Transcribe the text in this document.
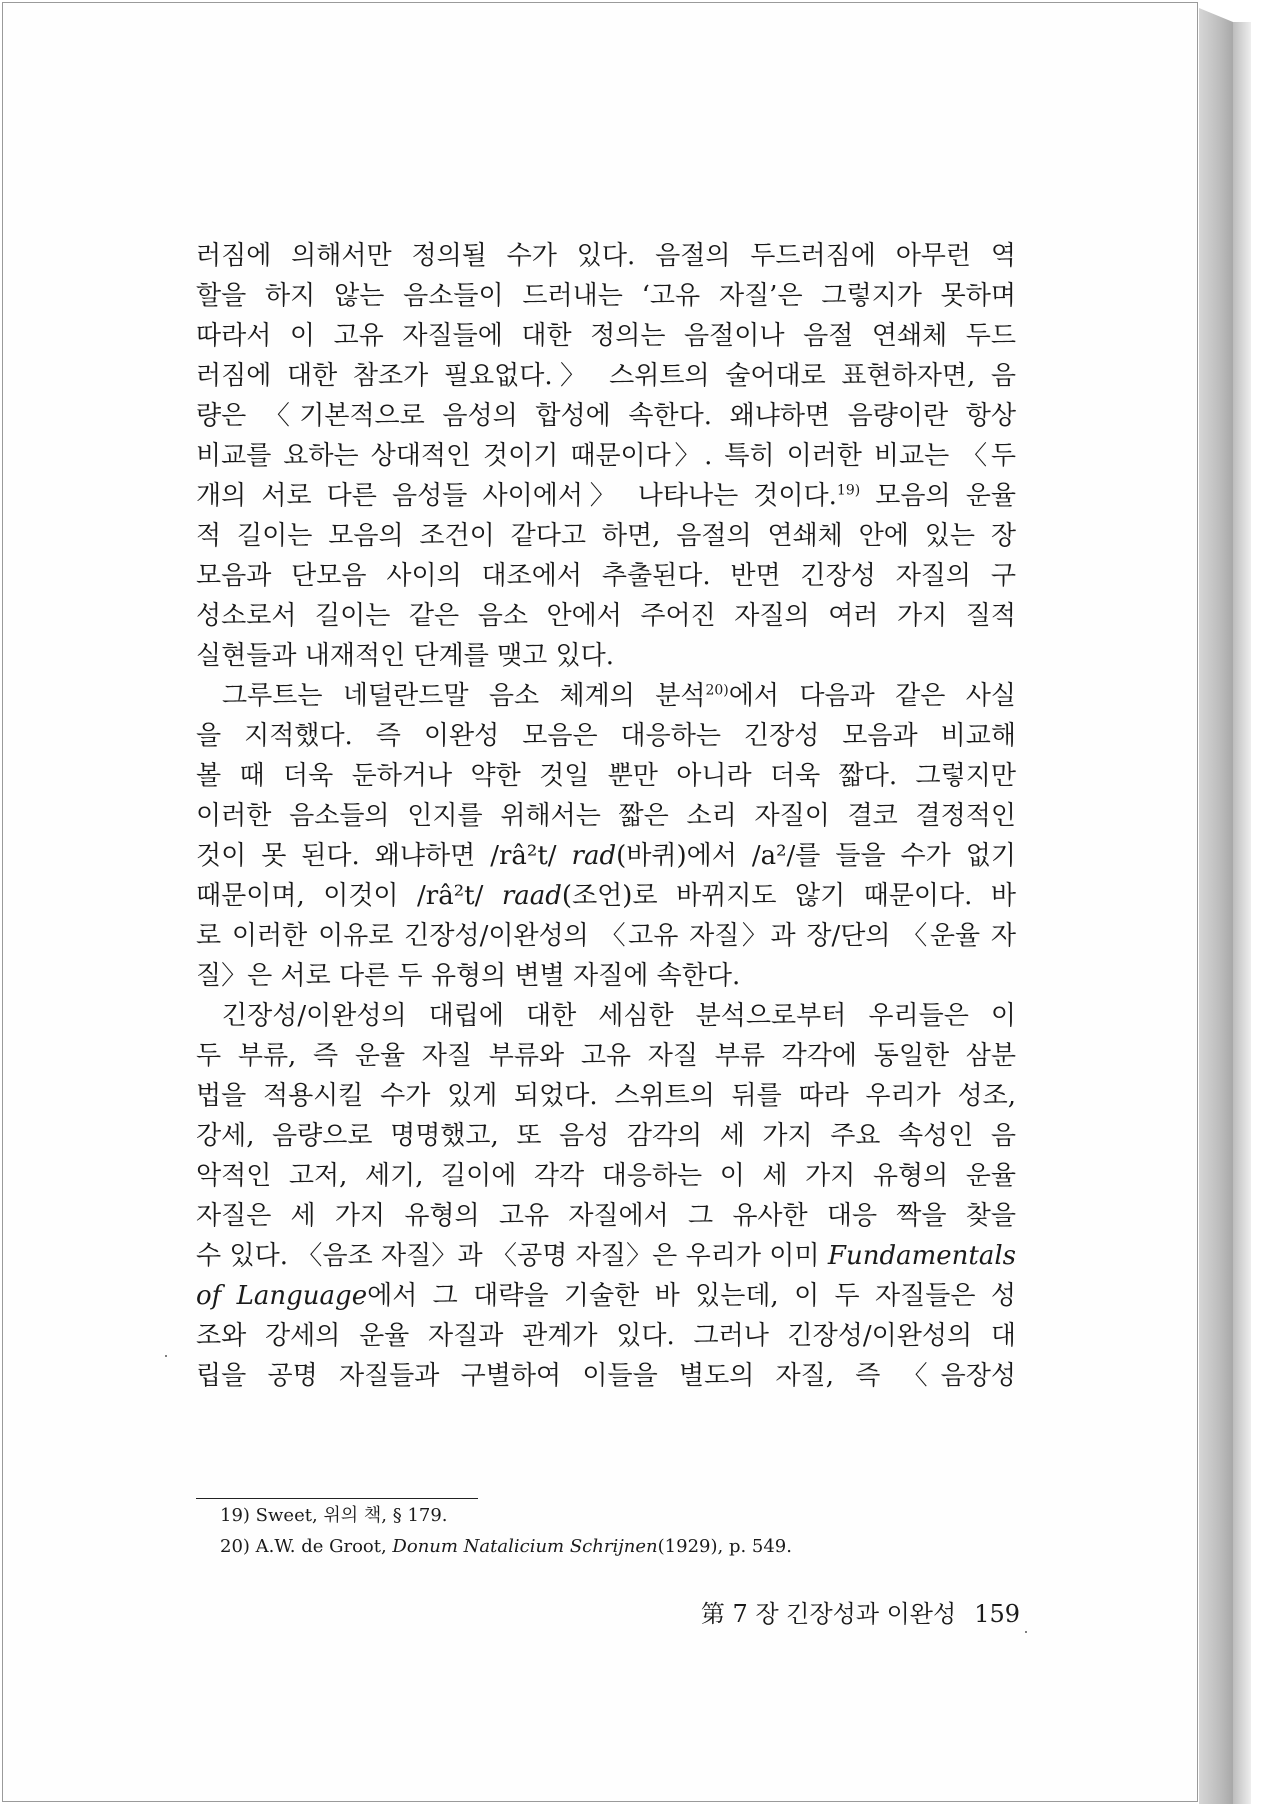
러짐에 의해서만 정의될 수가 있다. 음절의 두드러짐에 아무런 역
할을 하지 않는 음소들이 드러내는 ‘고유 자질’은 그렇지가 못하며
따라서 이 고유 자질들에 대한 정의는 음절이나 음절 연쇄체 두드
러짐에 대한 참조가 필요없다.〉 스위트의 술어대로 표현하자면, 음
량은 〈기본적으로 음성의 합성에 속한다. 왜냐하면 음량이란 항상
비교를 요하는 상대적인 것이기 때문이다〉. 특히 이러한 비교는 〈두
개의 서로 다른 음성들 사이에서〉 나타나는 것이다.$^{19)}$ 모음의 운율
적 길이는 모음의 조건이 같다고 하면, 음절의 연쇄체 안에 있는 장
모음과 단모음 사이의 대조에서 추출된다. 반면 긴장성 자질의 구
성소로서 길이는 같은 음소 안에서 주어진 자질의 여러 가지 질적
실현들과 내재적인 단계를 맺고 있다.
그루트는 네덜란드말 음소 체계의 분석$^{20)}$에서 다음과 같은 사실
을 지적했다. 즉 이완성 모음은 대응하는 긴장성 모음과 비교해
볼 때 더욱 둔하거나 약한 것일 뿐만 아니라 더욱 짧다. 그렇지만
이러한 음소들의 인지를 위해서는 짧은 소리 자질이 결코 결정적인
것이 못 된다. 왜냐하면 /râ²t/ rad(바퀴)에서 /a²/를 들을 수가 없기
때문이며, 이것이 /râ²t/ raad(조언)로 바뀌지도 않기 때문이다. 바
로 이러한 이유로 긴장성/이완성의 〈고유 자질〉과 장/단의 〈운율 자
질〉은 서로 다른 두 유형의 변별 자질에 속한다.
긴장성/이완성의 대립에 대한 세심한 분석으로부터 우리들은 이
두 부류, 즉 운율 자질 부류와 고유 자질 부류 각각에 동일한 삼분
법을 적용시킬 수가 있게 되었다. 스위트의 뒤를 따라 우리가 성조,
강세, 음량으로 명명했고, 또 음성 감각의 세 가지 주요 속성인 음
악적인 고저, 세기, 길이에 각각 대응하는 이 세 가지 유형의 운율
자질은 세 가지 유형의 고유 자질에서 그 유사한 대응 짝을 찾을
수 있다. 〈음조 자질〉과 〈공명 자질〉은 우리가 이미 Fundamentals
of Language에서 그 대략을 기술한 바 있는데, 이 두 자질들은 성
조와 강세의 운율 자질과 관계가 있다. 그러나 긴장성/이완성의 대
립을 공명 자질들과 구별하여 이들을 별도의 자질, 즉 〈음장성
19) Sweet, 위의 책, § 179.
20) A.W. de Groot, Donum Natalicium Schrijnen(1929), p. 549.
第 7 장 긴장성과 이완성 159
